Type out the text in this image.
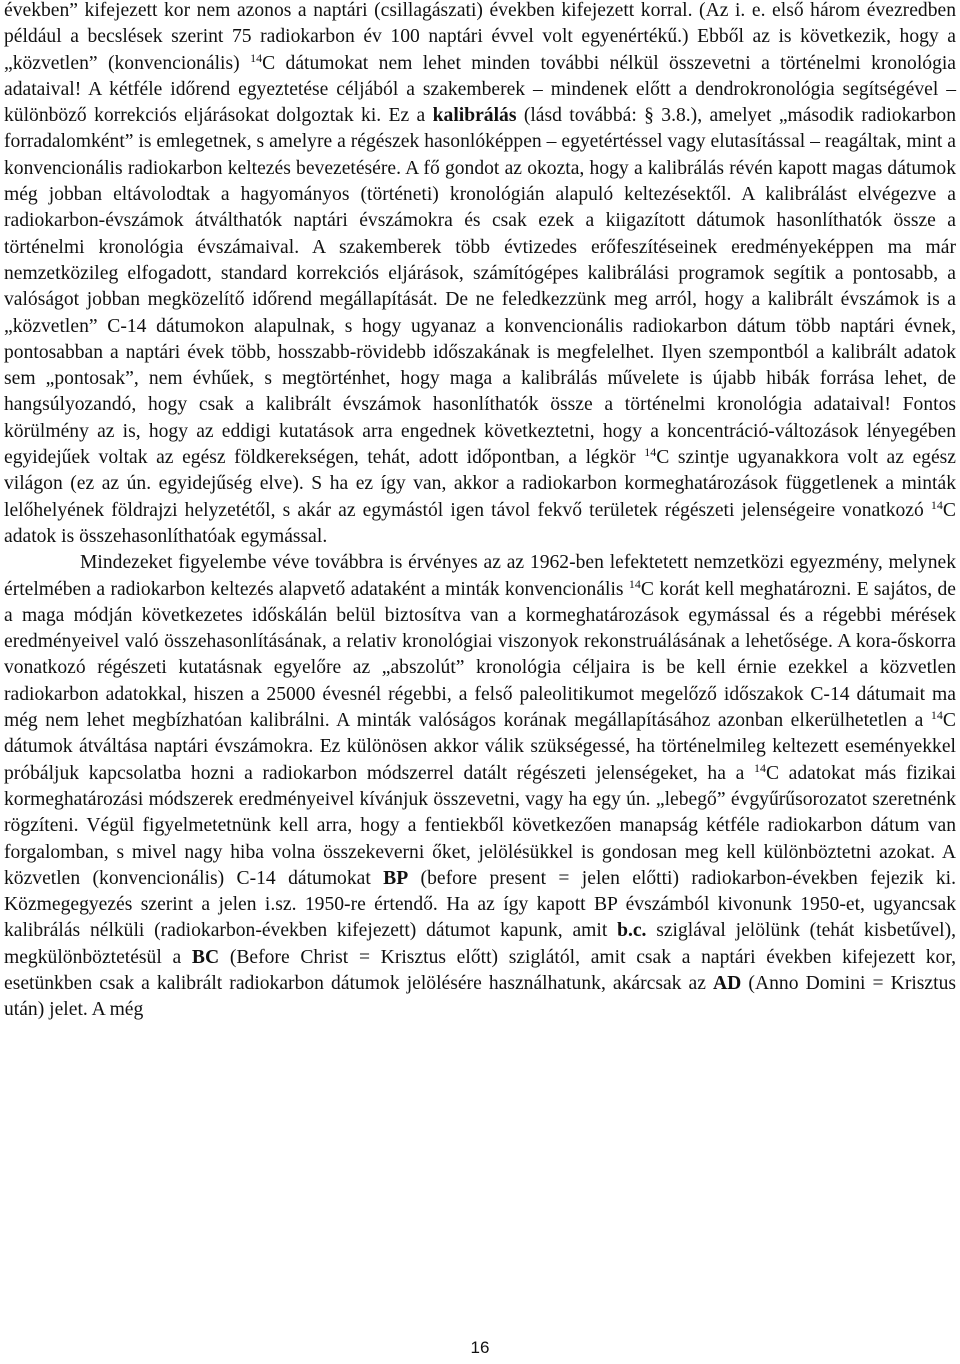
években” kifejezett kor nem azonos a naptári (csillagászati) években kifejezett korral. (Az i. e. első három évezredben például a becslések szerint 75 radiokarbon év 100 naptári évvel volt egyenértékű.) Ebből az is következik, hogy a „közvetlen” (konvencionális) $^{14}$C dátumokat nem lehet minden további nélkül összevetni a történelmi kronológia adataival! A kétféle időrend egyeztetése céljából a szakemberek – mindenek előtt a dendrokronológia segítségével – különböző korrekciós eljárásokat dolgoztak ki. Ez a kalibrálás (lásd továbbá: § 3.8.), amelyet „második radiokarbon forradalomként” is emlegetnek, s amelyre a régészek hasonlóképpen – egyetértéssel vagy elutasítással – reagáltak, mint a konvencionális radiokarbon keltezés bevezetésére. A fő gondot az okozta, hogy a kalibrálás révén kapott magas dátumok még jobban eltávolodtak a hagyományos (történeti) kronológián alapuló keltezésektől. A kalibrálást elvégezve a radiokarbon-évszámok átválthatók naptári évszámokra és csak ezek a kiigazított dátumok hasonlíthatók össze a történelmi kronológia évszámaival. A szakemberek több évtizedes erőfeszítéseinek eredményeképpen ma már nemzetközileg elfogadott, standard korrekciós eljárások, számítógépes kalibrálási programok segítik a pontosabb, a valóságot jobban megközelítő időrend megállapítását. De ne feledkezzünk meg arról, hogy a kalibrált évszámok is a „közvetlen” C-14 dátumokon alapulnak, s hogy ugyanaz a konvencionális radiokarbon dátum több naptári évnek, pontosabban a naptári évek több, hosszabb-rövidebb időszakának is megfelelhet. Ilyen szempontból a kalibrált adatok sem „pontosak”, nem évhűek, s megtörténhet, hogy maga a kalibrálás művelete is újabb hibák forrása lehet, de hangsúlyozandó, hogy csak a kalibrált évszámok hasonlíthatók össze a történelmi kronológia adataival! Fontos körülmény az is, hogy az eddigi kutatások arra engednek következtetni, hogy a koncentráció-változások lényegében egyidejűek voltak az egész földkerekségen, tehát, adott időpontban, a légkör $^{14}$C szintje ugyanakkora volt az egész világon (ez az ún. egyidejűség elve). S ha ez így van, akkor a radiokarbon kormeghatározások függetlenek a minták lelőhelyének földrajzi helyzetétől, s akár az egymástól igen távol fekvő területek régészeti jelenségeire vonatkozó $^{14}$C adatok is összehasonlíthatóak egymással.

Mindezeket figyelembe véve továbbra is érvényes az az 1962-ben lefektetett nemzetközi egyezmény, melynek értelmében a radiokarbon keltezés alapvető adataként a minták konvencionális $^{14}$C korát kell meghatározni. E sajátos, de a maga módján következetes időskálán belül biztosítva van a kormeghatározások egymással és a régebbi mérések eredményeivel való összehasonlításának, a relativ kronológiai viszonyok rekonstruálásának a lehetősége. A kora-őskorra vonatkozó régészeti kutatásnak egyelőre az „abszolút” kronológia céljaira is be kell érnie ezekkel a közvetlen radiokarbon adatokkal, hiszen a 25000 évesnél régebbi, a felső paleolitikumot megelőző időszakok C-14 dátumait ma még nem lehet megbízhatóan kalibrálni. A minták valóságos korának megállapításához azonban elkerülhetetlen a $^{14}$C dátumok átváltása naptári évszámokra. Ez különösen akkor válik szükségessé, ha történelmileg keltezett eseményekkel próbáljuk kapcsolatba hozni a radiokarbon módszerrel datált régészeti jelenségeket, ha a $^{14}$C adatokat más fizikai kormeghatározási módszerek eredményeivel kívánjuk összevetni, vagy ha egy ún. „lebegő” évgyűrűsorozatot szeretnénk rögzíteni. Végül figyelmetetnünk kell arra, hogy a fentiekből következően manapság kétféle radiokarbon dátum van forgalomban, s mivel nagy hiba volna összekeverni őket, jelölésükkel is gondosan meg kell különböztetni azokat. A közvetlen (konvencionális) C-14 dátumokat BP (before present = jelen előtti) radiokarbon-években fejezik ki. Közmegegyezés szerint a jelen i.sz. 1950-re értendő. Ha az így kapott BP évszámból kivonunk 1950-et, ugyancsak kalibrálás nélküli (radiokarbon-években kifejezett) dátumot kapunk, amit b.c. sziglával jelölünk (tehát kisbetűvel), megkülönböztetésül a BC (Before Christ = Krisztus előtt) sziglától, amit csak a naptári években kifejezett kor, esetünkben csak a kalibrált radiokarbon dátumok jelölésére használhatunk, akárcsak az AD (Anno Domini = Krisztus után) jelet. A még

16
